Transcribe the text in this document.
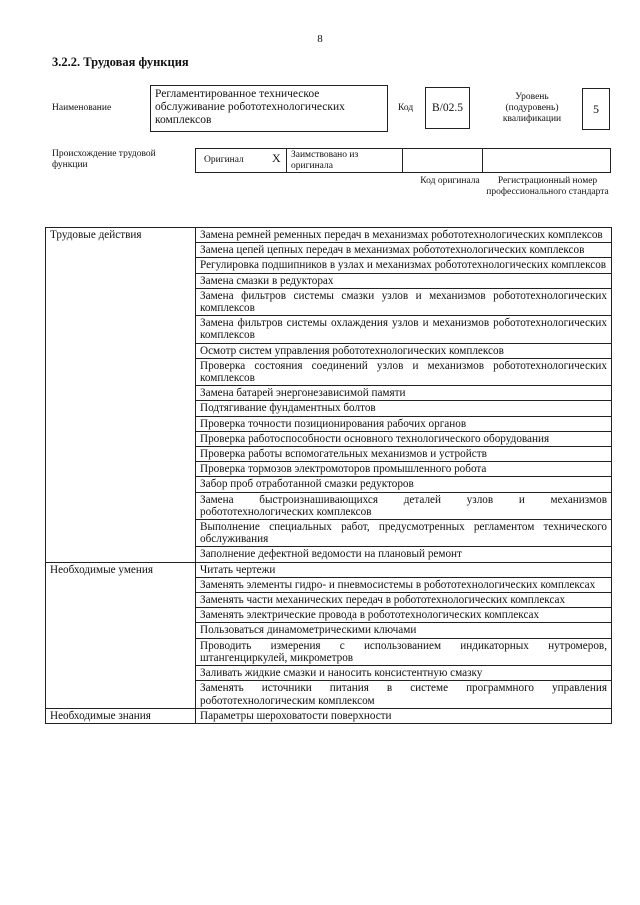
8
3.2.2. Трудовая функция
Наименование
Регламентированное техническое обслуживание робототехнологических комплексов
Код	B/02.5
Уровень (подуровень) квалификации
5
Происхождение трудовой функции	Оригинал X	Заимствовано из оригинала
Код оригинала	Регистрационный номер профессионального стандарта
Трудовые действия	Замена ремней ременных передач в механизмах робототехнологических комплексов
	Замена цепей цепных передач в механизмах робототехнологических комплексов
	Регулировка подшипников в узлах и механизмах робототехнологических комплексов
	Замена смазки в редукторах
	Замена фильтров системы смазки узлов и механизмов робототехнологических комплексов
	Замена фильтров системы охлаждения узлов и механизмов робототехнологических комплексов
	Осмотр систем управления робототехнологических комплексов
	Проверка состояния соединений узлов и механизмов робототехнологических комплексов
	Замена батарей энергонезависимой памяти
	Подтягивание фундаментных болтов
	Проверка точности позиционирования рабочих органов
	Проверка работоспособности основного технологического оборудования
	Проверка работы вспомогательных механизмов и устройств
	Проверка тормозов электромоторов промышленного робота
	Забор проб отработанной смазки редукторов
	Замена быстроизнашивающихся деталей узлов и механизмов робототехнологических комплексов
	Выполнение специальных работ, предусмотренных регламентом технического обслуживания
	Заполнение дефектной ведомости на плановый ремонт
Необходимые умения	Читать чертежи
	Заменять элементы гидро- и пневмосистемы в робототехнологических комплексах
	Заменять части механических передач в робототехнологических комплексах
	Заменять электрические провода в робототехнологических комплексах
	Пользоваться динамометрическими ключами
	Проводить измерения с использованием индикаторных нутромеров, штангенциркулей, микрометров
	Заливать жидкие смазки и наносить консистентную смазку
	Заменять источники питания в системе программного управления робототехнологическим комплексом
Необходимые знания	Параметры шероховатости поверхности
